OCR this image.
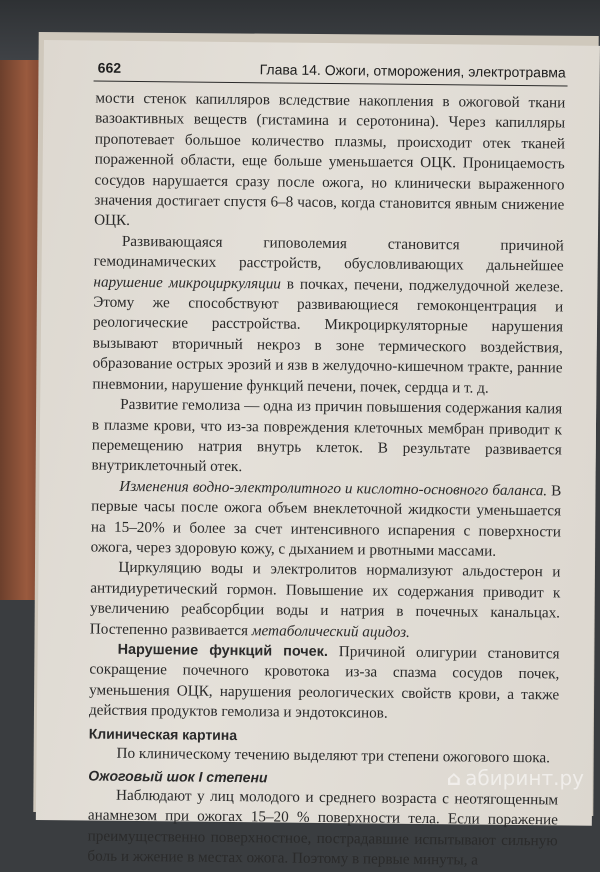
662	Глава 14. Ожоги, отморожения, электротравма

мости стенок капилляров вследствие накопления в ожоговой ткани вазоактивных веществ (гистамина и серотонина). Через капилляры пропотевает большое количество плазмы, происходит отек тканей пораженной области, еще больше уменьшается ОЦК. Проницаемость сосудов нарушается сразу после ожога, но клинически выраженного значения достигает спустя 6–8 часов, когда становится явным снижение ОЦК.

Развивающаяся гиповолемия становится причиной гемодинамических расстройств, обусловливающих дальнейшее нарушение микроциркуляции в почках, печени, поджелудочной железе. Этому же способствуют развивающиеся гемоконцентрация и реологические расстройства. Микроциркуляторные нарушения вызывают вторичный некроз в зоне термического воздействия, образование острых эрозий и язв в желудочно-кишечном тракте, ранние пневмонии, нарушение функций печени, почек, сердца и т. д.

Развитие гемолиза — одна из причин повышения содержания калия в плазме крови, что из-за повреждения клеточных мембран приводит к перемещению натрия внутрь клеток. В результате развивается внутриклеточный отек.

Изменения водно-электролитного и кислотно-основного баланса. В первые часы после ожога объем внеклеточной жидкости уменьшается на 15–20% и более за счет интенсивного испарения с поверхности ожога, через здоровую кожу, с дыханием и рвотными массами.

Циркуляцию воды и электролитов нормализуют альдостерон и антидиуретический гормон. Повышение их содержания приводит к увеличению реабсорбции воды и натрия в почечных канальцах. Постепенно развивается метаболический ацидоз.

Нарушение функций почек. Причиной олигурии становится сокращение почечного кровотока из-за спазма сосудов почек, уменьшения ОЦК, нарушения реологических свойств крови, а также действия продуктов гемолиза и эндотоксинов.

Клиническая картина

По клиническому течению выделяют три степени ожогового шока.

Ожоговый шок I степени

Наблюдают у лиц молодого и среднего возраста с неотягощенным анамнезом при ожогах 15–20 % поверхности тела. Если поражение преимущественно поверхностное, пострадавшие испытывают сильную боль и жжение в местах ожога. Поэтому в первые минуты, а

⌂ абиринт.ру
